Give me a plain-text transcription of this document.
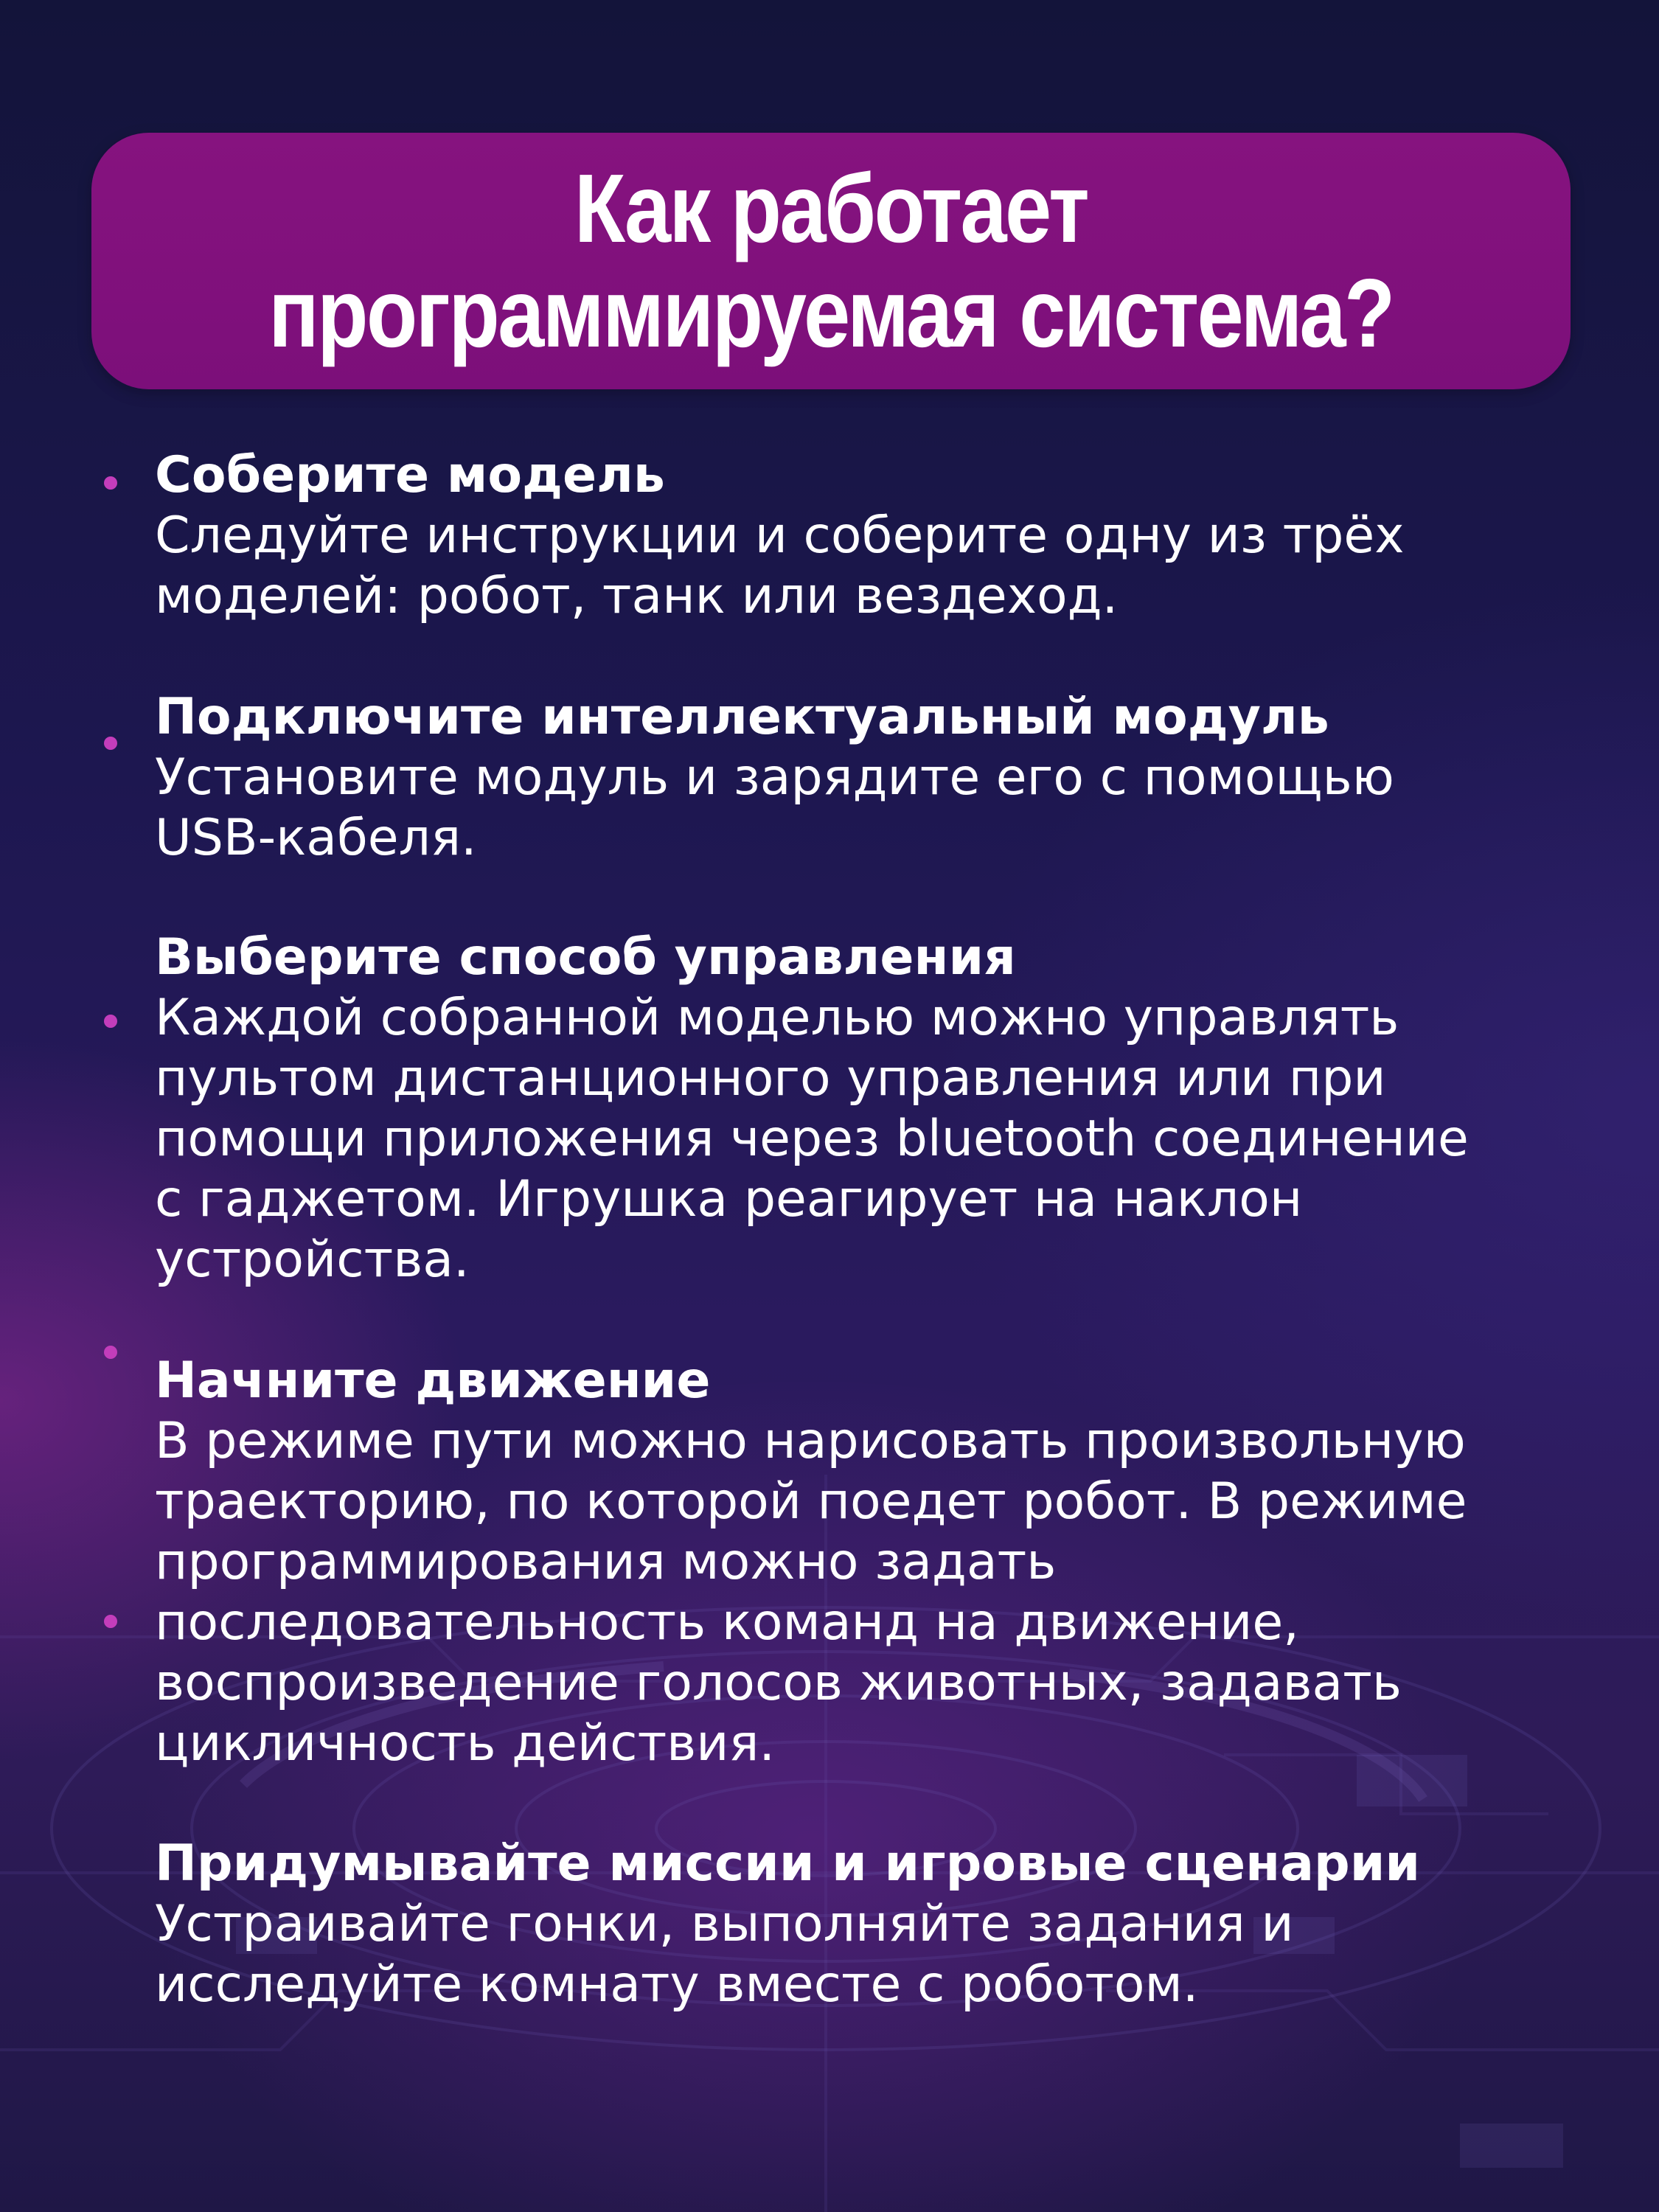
Как работает
программируемая система?
Соберите модель
Следуйте инструкции и соберите одну из трёх
моделей: робот, танк или вездеход.
Подключите интеллектуальный модуль
Установите модуль и зарядите его с помощью
USB-кабеля.
Выберите способ управления
Каждой собранной моделью можно управлять
пультом дистанционного управления или при
помощи приложения через bluetooth соединение
с гаджетом. Игрушка реагирует на наклон
устройства.
Начните движение
В режиме пути можно нарисовать произвольную
траекторию, по которой поедет робот. В режиме
программирования можно задать
последовательность команд на движение,
воспроизведение голосов животных, задавать
цикличность действия.
Придумывайте миссии и игровые сценарии
Устраивайте гонки, выполняйте задания и
исследуйте комнату вместе с роботом.
